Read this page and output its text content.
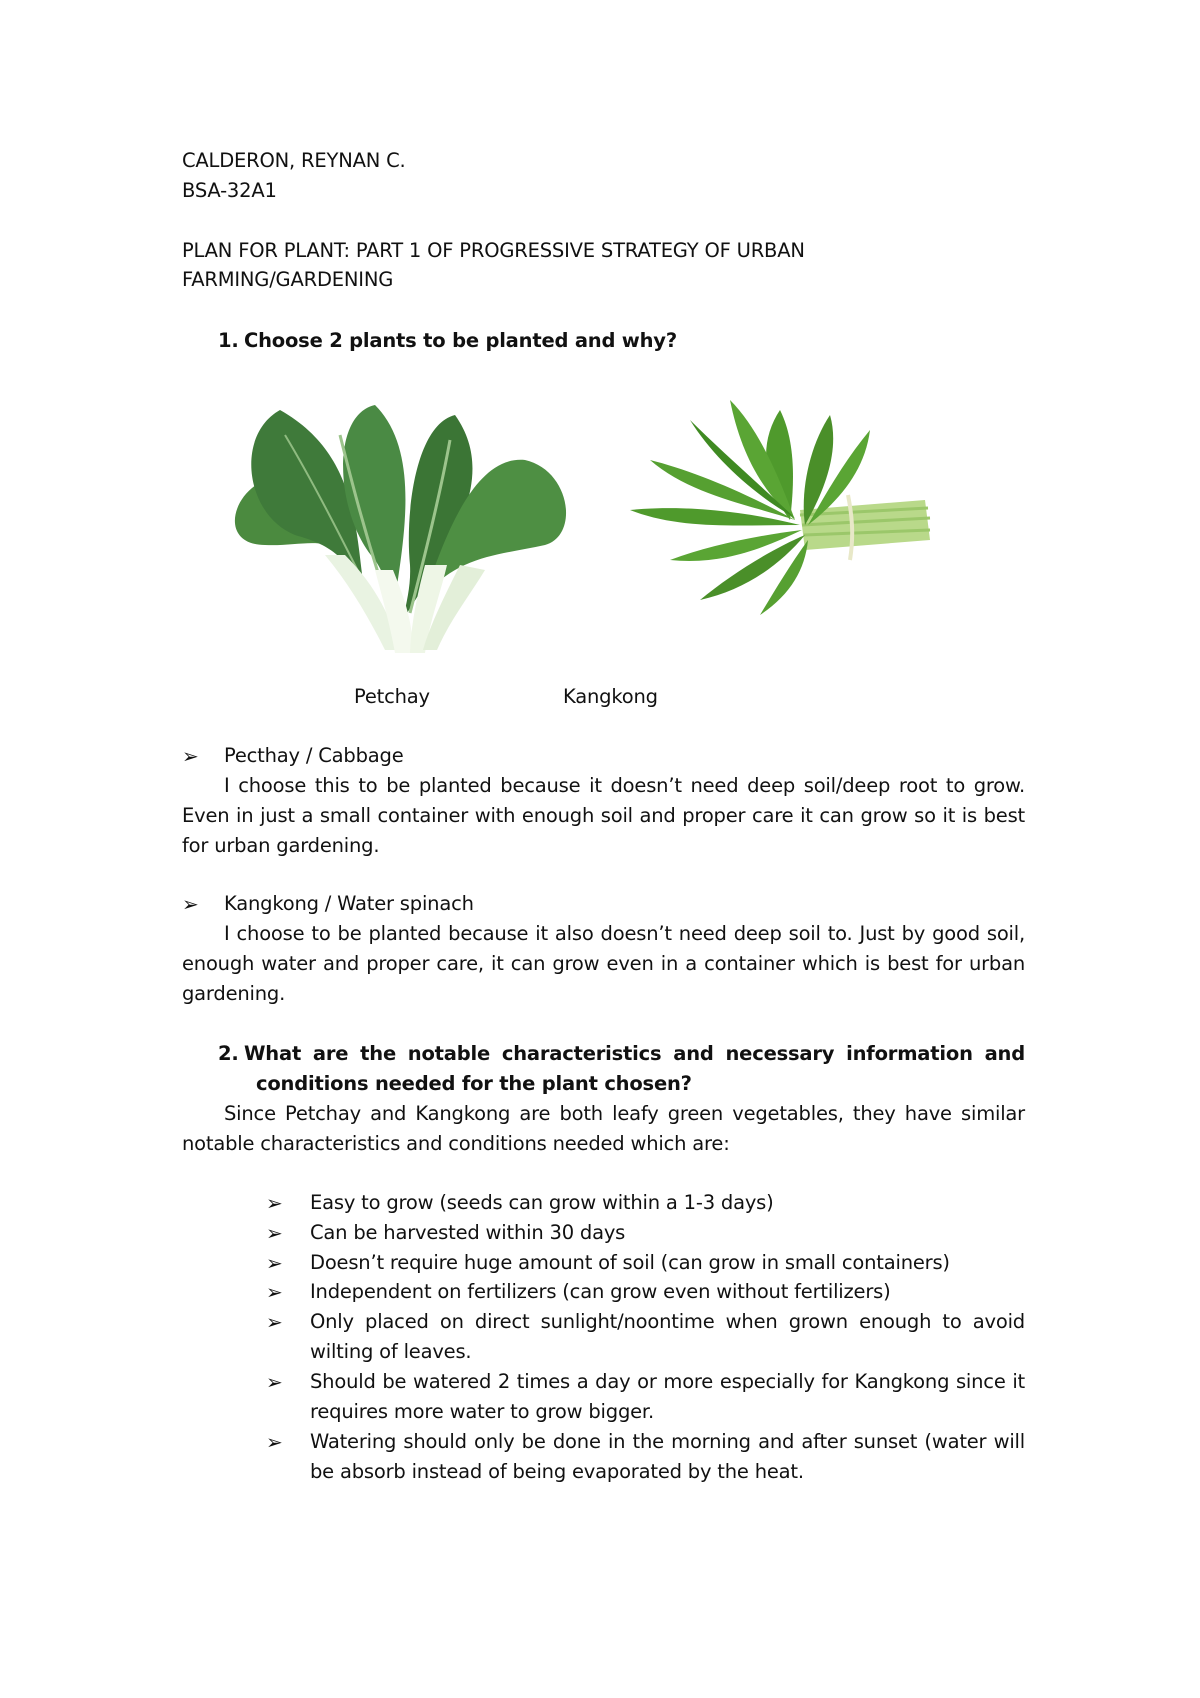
CALDERON, REYNAN C.
BSA-32A1
PLAN FOR PLANT: PART 1 OF PROGRESSIVE STRATEGY OF URBAN
FARMING/GARDENING
1. Choose 2 plants to be planted and why?
Petchay	Kangkong
➢ Pecthay / Cabbage
I choose this to be planted because it doesn’t need deep soil/deep root to grow. Even in just a small container with enough soil and proper care it can grow so it is best for urban gardening.
➢ Kangkong / Water spinach
I choose to be planted because it also doesn’t need deep soil to. Just by good soil, enough water and proper care, it can grow even in a container which is best for urban gardening.
2. What are the notable characteristics and necessary information and
conditions needed for the plant chosen?
Since Petchay and Kangkong are both leafy green vegetables, they have similar notable characteristics and conditions needed which are:
➢ Easy to grow (seeds can grow within a 1-3 days)
➢ Can be harvested within 30 days
➢ Doesn’t require huge amount of soil (can grow in small containers)
➢ Independent on fertilizers (can grow even without fertilizers)
➢ Only placed on direct sunlight/noontime when grown enough to avoid wilting of leaves.
➢ Should be watered 2 times a day or more especially for Kangkong since it requires more water to grow bigger.
➢ Watering should only be done in the morning and after sunset (water will be absorb instead of being evaporated by the heat.
